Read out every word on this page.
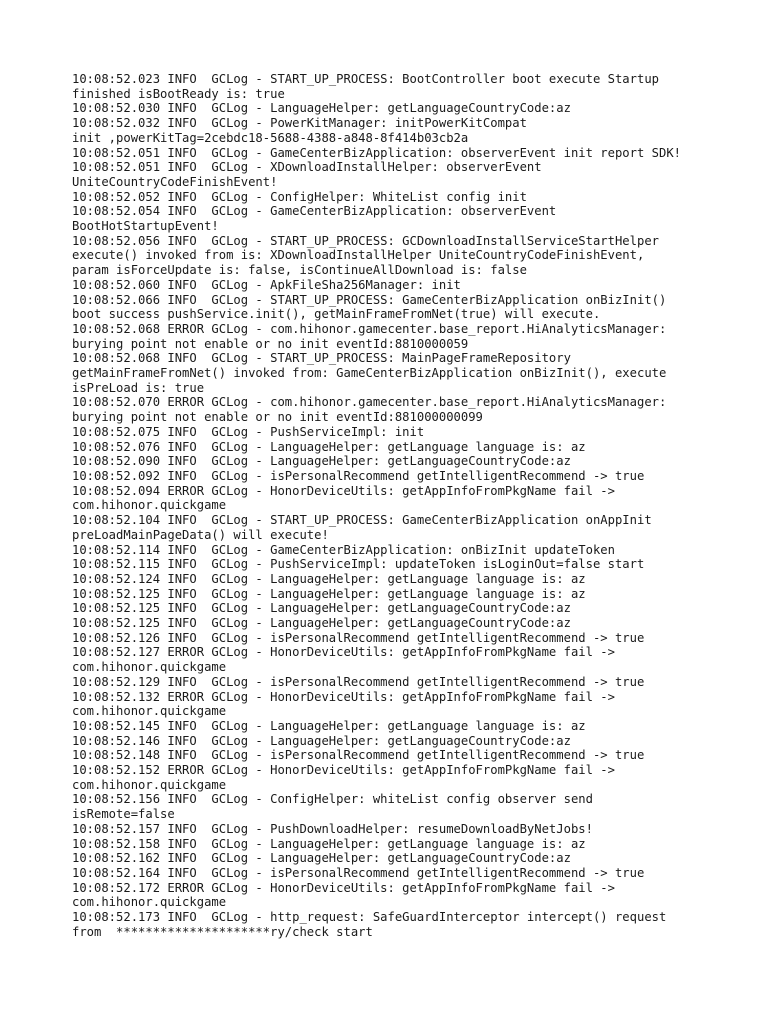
10:08:52.023 INFO  GCLog - START_UP_PROCESS: BootController boot execute Startup
finished isBootReady is: true
10:08:52.030 INFO  GCLog - LanguageHelper: getLanguageCountryCode:az
10:08:52.032 INFO  GCLog - PowerKitManager: initPowerKitCompat
init ,powerKitTag=2cebdc18-5688-4388-a848-8f414b03cb2a
10:08:52.051 INFO  GCLog - GameCenterBizApplication: observerEvent init report SDK!
10:08:52.051 INFO  GCLog - XDownloadInstallHelper: observerEvent
UniteCountryCodeFinishEvent!
10:08:52.052 INFO  GCLog - ConfigHelper: WhiteList config init
10:08:52.054 INFO  GCLog - GameCenterBizApplication: observerEvent
BootHotStartupEvent!
10:08:52.056 INFO  GCLog - START_UP_PROCESS: GCDownloadInstallServiceStartHelper
execute() invoked from is: XDownloadInstallHelper UniteCountryCodeFinishEvent,
param isForceUpdate is: false, isContinueAllDownload is: false
10:08:52.060 INFO  GCLog - ApkFileSha256Manager: init
10:08:52.066 INFO  GCLog - START_UP_PROCESS: GameCenterBizApplication onBizInit()
boot success pushService.init(), getMainFrameFromNet(true) will execute.
10:08:52.068 ERROR GCLog - com.hihonor.gamecenter.base_report.HiAnalyticsManager:
burying point not enable or no init eventId:8810000059
10:08:52.068 INFO  GCLog - START_UP_PROCESS: MainPageFrameRepository
getMainFrameFromNet() invoked from: GameCenterBizApplication onBizInit(), execute
isPreLoad is: true
10:08:52.070 ERROR GCLog - com.hihonor.gamecenter.base_report.HiAnalyticsManager:
burying point not enable or no init eventId:881000000099
10:08:52.075 INFO  GCLog - PushServiceImpl: init
10:08:52.076 INFO  GCLog - LanguageHelper: getLanguage language is: az
10:08:52.090 INFO  GCLog - LanguageHelper: getLanguageCountryCode:az
10:08:52.092 INFO  GCLog - isPersonalRecommend getIntelligentRecommend -> true
10:08:52.094 ERROR GCLog - HonorDeviceUtils: getAppInfoFromPkgName fail ->
com.hihonor.quickgame
10:08:52.104 INFO  GCLog - START_UP_PROCESS: GameCenterBizApplication onAppInit
preLoadMainPageData() will execute!
10:08:52.114 INFO  GCLog - GameCenterBizApplication: onBizInit updateToken
10:08:52.115 INFO  GCLog - PushServiceImpl: updateToken isLoginOut=false start
10:08:52.124 INFO  GCLog - LanguageHelper: getLanguage language is: az
10:08:52.125 INFO  GCLog - LanguageHelper: getLanguage language is: az
10:08:52.125 INFO  GCLog - LanguageHelper: getLanguageCountryCode:az
10:08:52.125 INFO  GCLog - LanguageHelper: getLanguageCountryCode:az
10:08:52.126 INFO  GCLog - isPersonalRecommend getIntelligentRecommend -> true
10:08:52.127 ERROR GCLog - HonorDeviceUtils: getAppInfoFromPkgName fail ->
com.hihonor.quickgame
10:08:52.129 INFO  GCLog - isPersonalRecommend getIntelligentRecommend -> true
10:08:52.132 ERROR GCLog - HonorDeviceUtils: getAppInfoFromPkgName fail ->
com.hihonor.quickgame
10:08:52.145 INFO  GCLog - LanguageHelper: getLanguage language is: az
10:08:52.146 INFO  GCLog - LanguageHelper: getLanguageCountryCode:az
10:08:52.148 INFO  GCLog - isPersonalRecommend getIntelligentRecommend -> true
10:08:52.152 ERROR GCLog - HonorDeviceUtils: getAppInfoFromPkgName fail ->
com.hihonor.quickgame
10:08:52.156 INFO  GCLog - ConfigHelper: whiteList config observer send
isRemote=false
10:08:52.157 INFO  GCLog - PushDownloadHelper: resumeDownloadByNetJobs!
10:08:52.158 INFO  GCLog - LanguageHelper: getLanguage language is: az
10:08:52.162 INFO  GCLog - LanguageHelper: getLanguageCountryCode:az
10:08:52.164 INFO  GCLog - isPersonalRecommend getIntelligentRecommend -> true
10:08:52.172 ERROR GCLog - HonorDeviceUtils: getAppInfoFromPkgName fail ->
com.hihonor.quickgame
10:08:52.173 INFO  GCLog - http_request: SafeGuardInterceptor intercept() request
from  *********************ry/check start
